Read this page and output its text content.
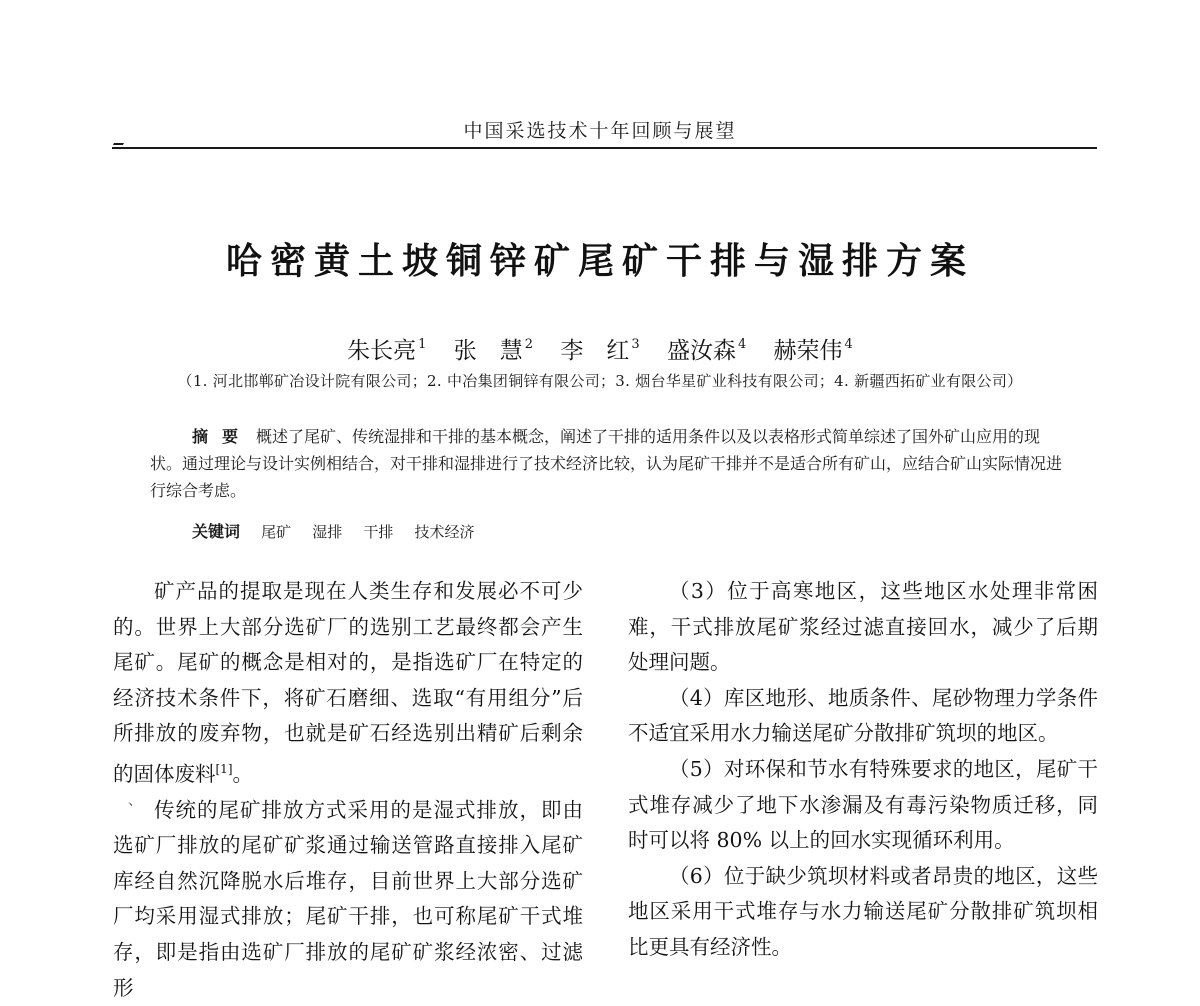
中国采选技术十年回顾与展望
哈密黄土坡铜锌矿尾矿干排与湿排方案
朱长亮 $^1$ 张　慧 $^2$ 李　红 $^3$ 盛汝森 $^4$ 赫荣伟 $^4$
（1. 河北邯郸矿冶设计院有限公司；2. 中冶集团铜锌有限公司；3. 烟台华星矿业科技有限公司；4. 新疆西拓矿业有限公司）

摘要 概述了尾矿、传统湿排和干排的基本概念，阐述了干排的适用条件以及以表格形式简单综述了国外矿山应用的现状。通过理论与设计实例相结合，对干排和湿排进行了技术经济比较，认为尾矿干排并不是适合所有矿山，应结合矿山实际情况进行综合考虑。

关键词 尾矿 湿排 干排 技术经济

矿产品的提取是现在人类生存和发展必不可少的。世界上大部分选矿厂的选别工艺最终都会产生尾矿。尾矿的概念是相对的，是指选矿厂在特定的经济技术条件下，将矿石磨细、选取“有用组分”后所排放的废弃物，也就是矿石经选别出精矿后剩余的固体废料[1]。

传统的尾矿排放方式采用的是湿式排放，即由选矿厂排放的尾矿矿浆通过输送管路直接排入尾矿库经自然沉降脱水后堆存，目前世界上大部分选矿厂均采用湿式排放；尾矿干排，也可称尾矿干式堆存，即是指由选矿厂排放的尾矿矿浆经浓密、过滤形

、

（3）位于高寒地区，这些地区水处理非常困难，干式排放尾矿浆经过滤直接回水，减少了后期处理问题。

（4）库区地形、地质条件、尾砂物理力学条件不适宜采用水力输送尾矿分散排矿筑坝的地区。

（5）对环保和节水有特殊要求的地区，尾矿干式堆存减少了地下水渗漏及有毒污染物质迁移，同时可以将 80% 以上的回水实现循环利用。

（6）位于缺少筑坝材料或者昂贵的地区，这些地区采用干式堆存与水力输送尾矿分散排矿筑坝相比更具有经济性。
